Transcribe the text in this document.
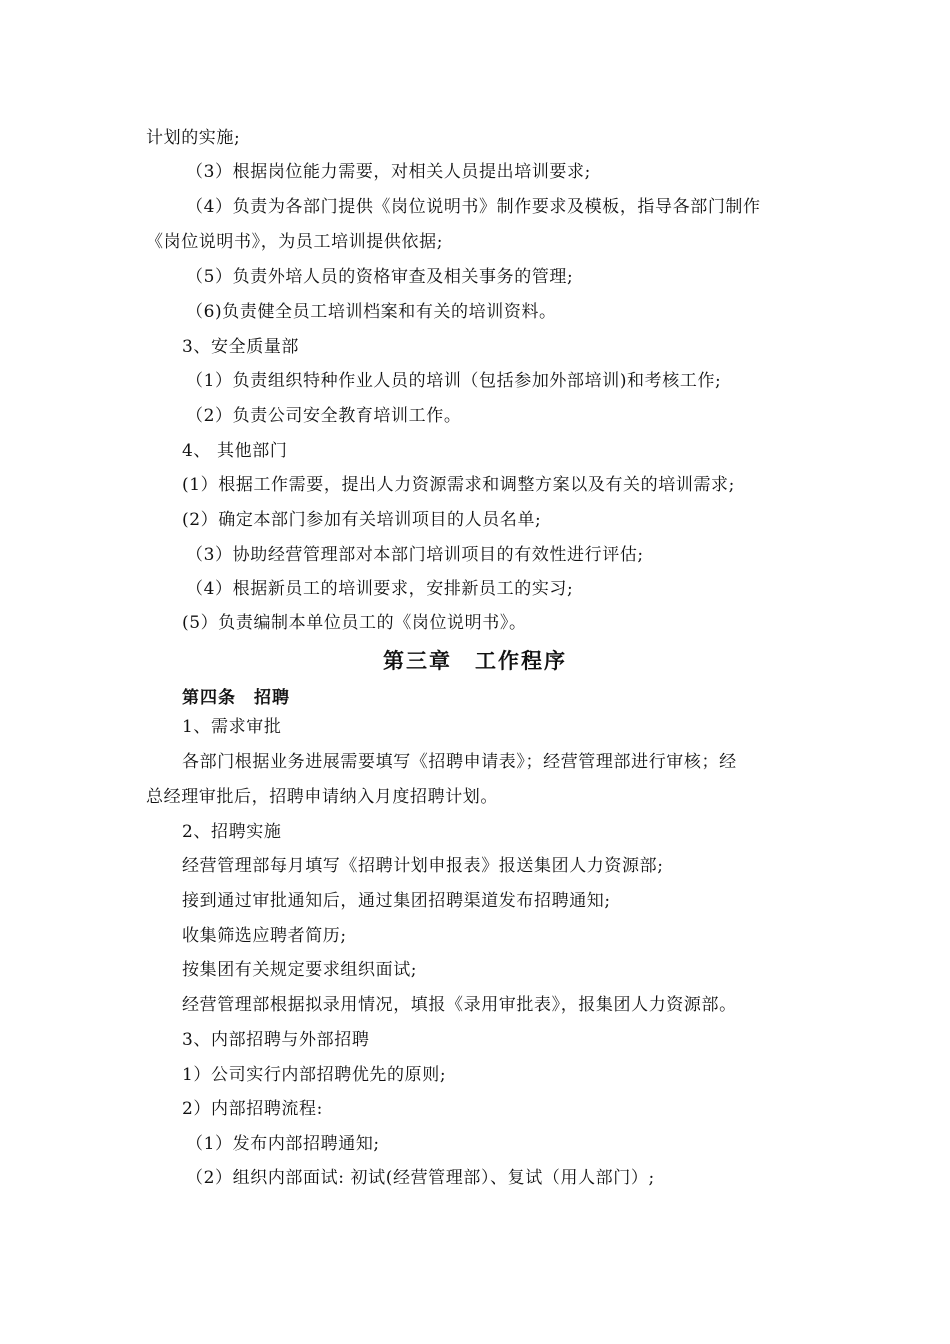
计划的实施;
（3）根据岗位能力需要，对相关人员提出培训要求;
（4）负责为各部门提供《岗位说明书》制作要求及模板，指导各部门制作
《岗位说明书》，为员工培训提供依据;
（5）负责外培人员的资格审查及相关事务的管理;
（6)负责健全员工培训档案和有关的培训资料。
3、安全质量部
（1）负责组织特种作业人员的培训（包括参加外部培训)和考核工作;
（2）负责公司安全教育培训工作。
4、 其他部门
(1）根据工作需要，提出人力资源需求和调整方案以及有关的培训需求;
(2）确定本部门参加有关培训项目的人员名单;
（3）协助经营管理部对本部门培训项目的有效性进行评估;
（4）根据新员工的培训要求，安排新员工的实习;
(5）负责编制本单位员工的《岗位说明书》。
第三章　工作程序
第四条　招聘
1、需求审批
各部门根据业务进展需要填写《招聘申请表》；经营管理部进行审核；经
总经理审批后，招聘申请纳入月度招聘计划。
2、招聘实施
经营管理部每月填写《招聘计划申报表》报送集团人力资源部;
接到通过审批通知后，通过集团招聘渠道发布招聘通知;
收集筛选应聘者简历;
按集团有关规定要求组织面试;
经营管理部根据拟录用情况，填报《录用审批表》，报集团人力资源部。
3、内部招聘与外部招聘
1）公司实行内部招聘优先的原则;
2）内部招聘流程:
（1）发布内部招聘通知;
（2）组织内部面试: 初试(经营管理部）、复试（用人部门）;
